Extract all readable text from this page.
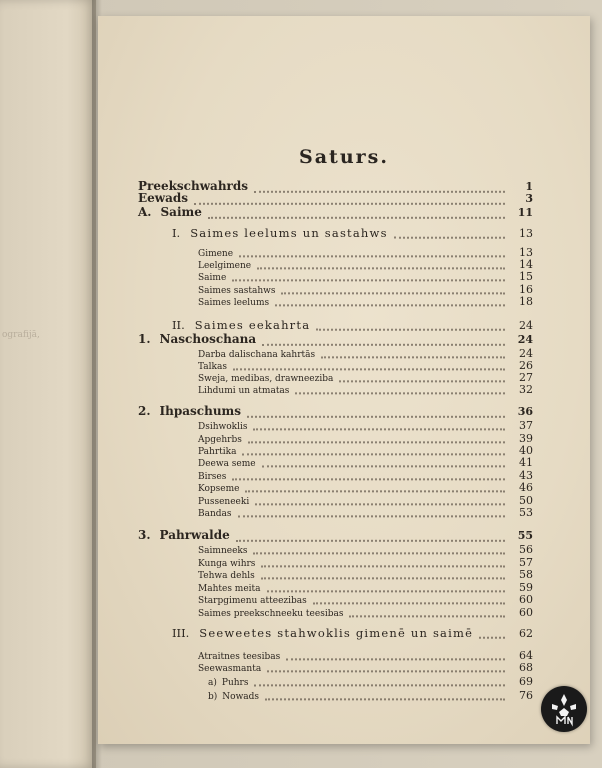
ografijā,
Saturs.
Preekschwahrds	1
Eewads	3
A. Saime	11
I. Saimes leelums un sastahws	13
Gimene	13
Leelgimene	14
Saime	15
Saimes sastahws	16
Saimes leelums	18
II. Saimes eekahrta	24
1. Naschoschana	24
Darba dalischana kahrtās	24
Talkas	26
Sweja, medibas, drawneeziba	27
Lihdumi un atmatas	32
2. Ihpaschums	36
Dsihwoklis	37
Apgehrbs	39
Pahrtika	40
Deewa seme	41
Birses	43
Kopseme	46
Pusseneeki	50
Bandas	53
3. Pahrwalde	55
Saimneeks	56
Kunga wihrs	57
Tehwa dehls	58
Mahtes meita	59
Starpgimenu atteezibas	60
Saimes preekschneeku teesibas	60
III. Seeweetes stahwoklis gimenē un saimē	62
Atraitnes teesibas	64
Seewasmanta	68
a) Puhrs	69
b) Nowads	76
